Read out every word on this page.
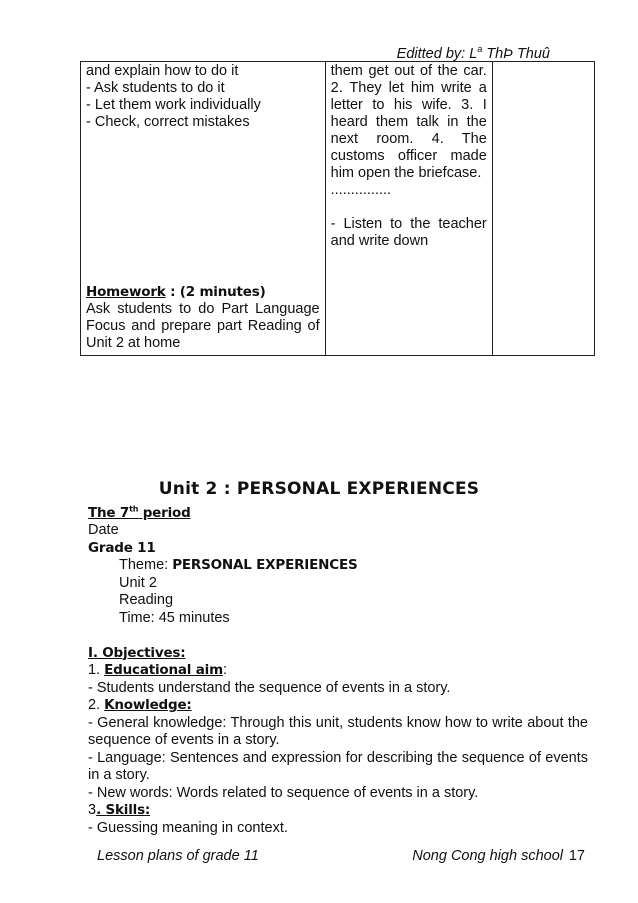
Editted by: $L^a$ ThÞ Thuû
and explain how to do it
- Ask students to do it
- Let them work individually
- Check, correct mistakes
Homework : (2 minutes)
Ask students to do Part Language Focus and prepare part Reading of Unit 2 at home

them get out of the car. 2. They let him write a letter to his wife. 3. I heard them talk in the next room. 4. The customs officer made him open the briefcase.
...............
- Listen to the teacher and write down

Unit 2 : PERSONAL EXPERIENCES
The 7th period
Date
Grade 11
Theme: PERSONAL EXPERIENCES
Unit 2
Reading
Time: 45 minutes
I. Objectives:
1. Educational aim:
- Students understand the sequence of events in a story.
2. Knowledge:
- General knowledge: Through this unit, students know how to write about the sequence of events in a story.
- Language: Sentences and expression for describing the sequence of events in a story.
- New words: Words related to sequence of events in a story.
3. Skills:
- Guessing meaning in context.
Lesson plans of grade 11	Nong Cong high school 17
